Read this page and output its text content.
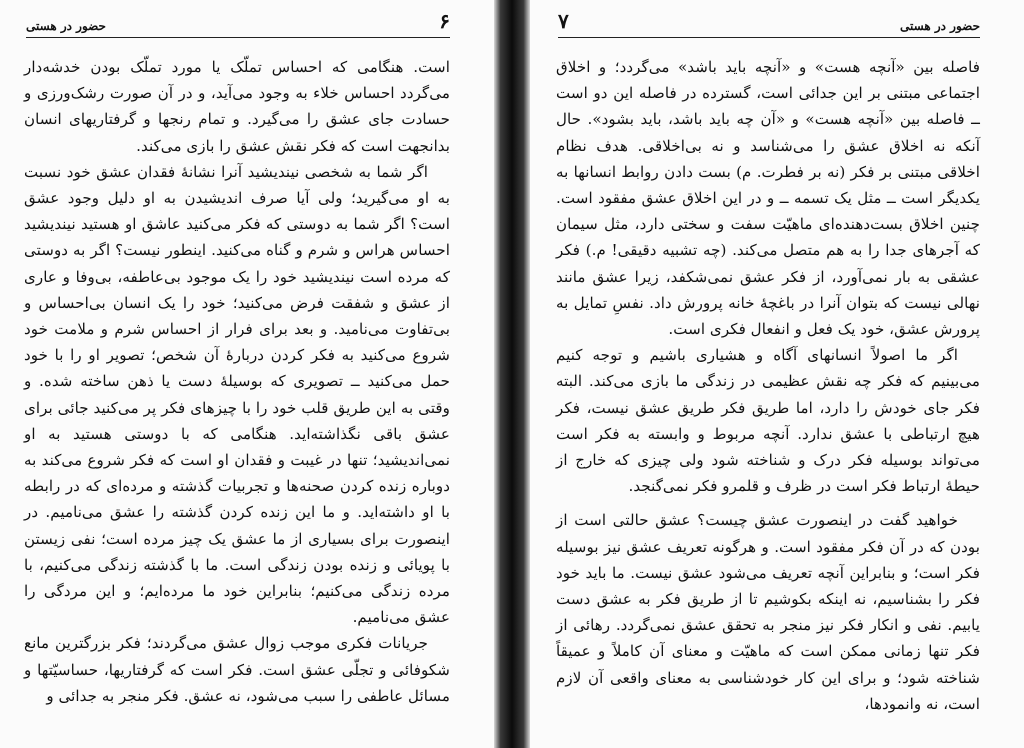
حضور در هستی	۶

است. هنگامی که احساس تملّک یا مورد تملّک بودن خدشه‌دار می‌گردد احساس خلاء به وجود می‌آید، و در آن صورت رشک‌ورزی و حسادت جای عشق را می‌گیرد. و تمام رنجها و گرفتاریهای انسان بدانجهت است که فکر نقش عشق را بازی می‌کند.

اگر شما به شخصی نیندیشید آنرا نشانهٔ فقدان عشق خود نسبت به او می‌گیرید؛ ولی آیا صرف اندیشیدن به او دلیل وجود عشق است؟ اگر شما به دوستی که فکر می‌کنید عاشق او هستید نیندیشید احساس هراس و شرم و گناه می‌کنید. اینطور نیست؟ اگر به دوستی که مرده است نیندیشید خود را یک موجود بی‌عاطفه، بی‌وفا و عاری از عشق و شفقت فرض می‌کنید؛ خود را یک انسان بی‌احساس و بی‌تفاوت می‌نامید. و بعد برای فرار از احساس شرم و ملامت خود شروع می‌کنید به فکر کردن دربارهٔ آن شخص؛ تصویر او را با خود حمل می‌کنید ــ تصویری که بوسیلهٔ دست یا ذهن ساخته شده. و وقتی به این طریق قلب خود را با چیزهای فکر پر می‌کنید جائی برای عشق باقی نگذاشته‌اید. هنگامی که با دوستی هستید به او نمی‌اندیشید؛ تنها در غیبت و فقدان او است که فکر شروع می‌کند به دوباره زنده کردن صحنه‌ها و تجربیات گذشته و مرده‌ای که در رابطه با او داشته‌اید. و ما این زنده کردن گذشته را عشق می‌نامیم. در اینصورت برای بسیاری از ما عشق یک چیز مرده است؛ نفی زیستن با پویائی و زنده بودن زندگی است. ما با گذشته زندگی می‌کنیم، با مرده زندگی می‌کنیم؛ بنابراین خود ما مرده‌ایم؛ و این مردگی را عشق می‌نامیم.

جریانات فکری موجب زوال عشق می‌گردند؛ فکر بزرگترین مانع شکوفائی و تجلّی عشق است. فکر است که گرفتاریها، حساسیّتها و مسائل عاطفی را سبب می‌شود، نه عشق. فکر منجر به جدائی و

۷	حضور در هستی

فاصله بین «آنچه هست» و «آنچه باید باشد» می‌گردد؛ و اخلاق اجتماعی مبتنی بر این جدائی است، گسترده در فاصله این دو است ــ فاصله بین «آنچه هست» و «آن چه باید باشد، باید بشود». حال آنکه نه اخلاق عشق را می‌شناسد و نه بی‌اخلاقی. هدف نظام اخلاقی مبتنی بر فکر (نه بر فطرت. م) بست دادن روابط انسانها به یکدیگر است ــ مثل یک تسمه ــ و در این اخلاق عشق مفقود است. چنین اخلاق بست‌دهنده‌ای ماهیّت سفت و سختی دارد، مثل سیمان که آجرهای جدا را به هم متصل می‌کند. (چه تشبیه دقیقی! م.) فکر عشقی به بار نمی‌آورد، از فکر عشق نمی‌شکفد، زیرا عشق مانند نهالی نیست که بتوان آنرا در باغچهٔ خانه پرورش داد. نفسِ تمایل به پرورش عشق، خود یک فعل و انفعال فکری است.

اگر ما اصولاً انسانهای آگاه و هشیاری باشیم و توجه کنیم می‌بینیم که فکر چه نقش عظیمی در زندگی ما بازی می‌کند. البته فکر جای خودش را دارد، اما طریق فکر طریق عشق نیست، فکر هیچ ارتباطی با عشق ندارد. آنچه مربوط و وابسته به فکر است می‌تواند بوسیله فکر درک و شناخته شود ولی چیزی که خارج از حیطهٔ ارتباط فکر است در ظرف و قلمرو فکر نمی‌گنجد.

خواهید گفت در اینصورت عشق چیست؟ عشق حالتی است از بودن که در آن فکر مفقود است. و هرگونه تعریف عشق نیز بوسیله فکر است؛ و بنابراین آنچه تعریف می‌شود عشق نیست. ما باید خود فکر را بشناسیم، نه اینکه بکوشیم تا از طریق فکر به عشق دست یابیم. نفی و انکار فکر نیز منجر به تحقق عشق نمی‌گردد. رهائی از فکر تنها زمانی ممکن است که ماهیّت و معنای آن کاملاً و عمیقاً شناخته شود؛ و برای این کار خودشناسی به معنای واقعی آن لازم است، نه وانمودها،
